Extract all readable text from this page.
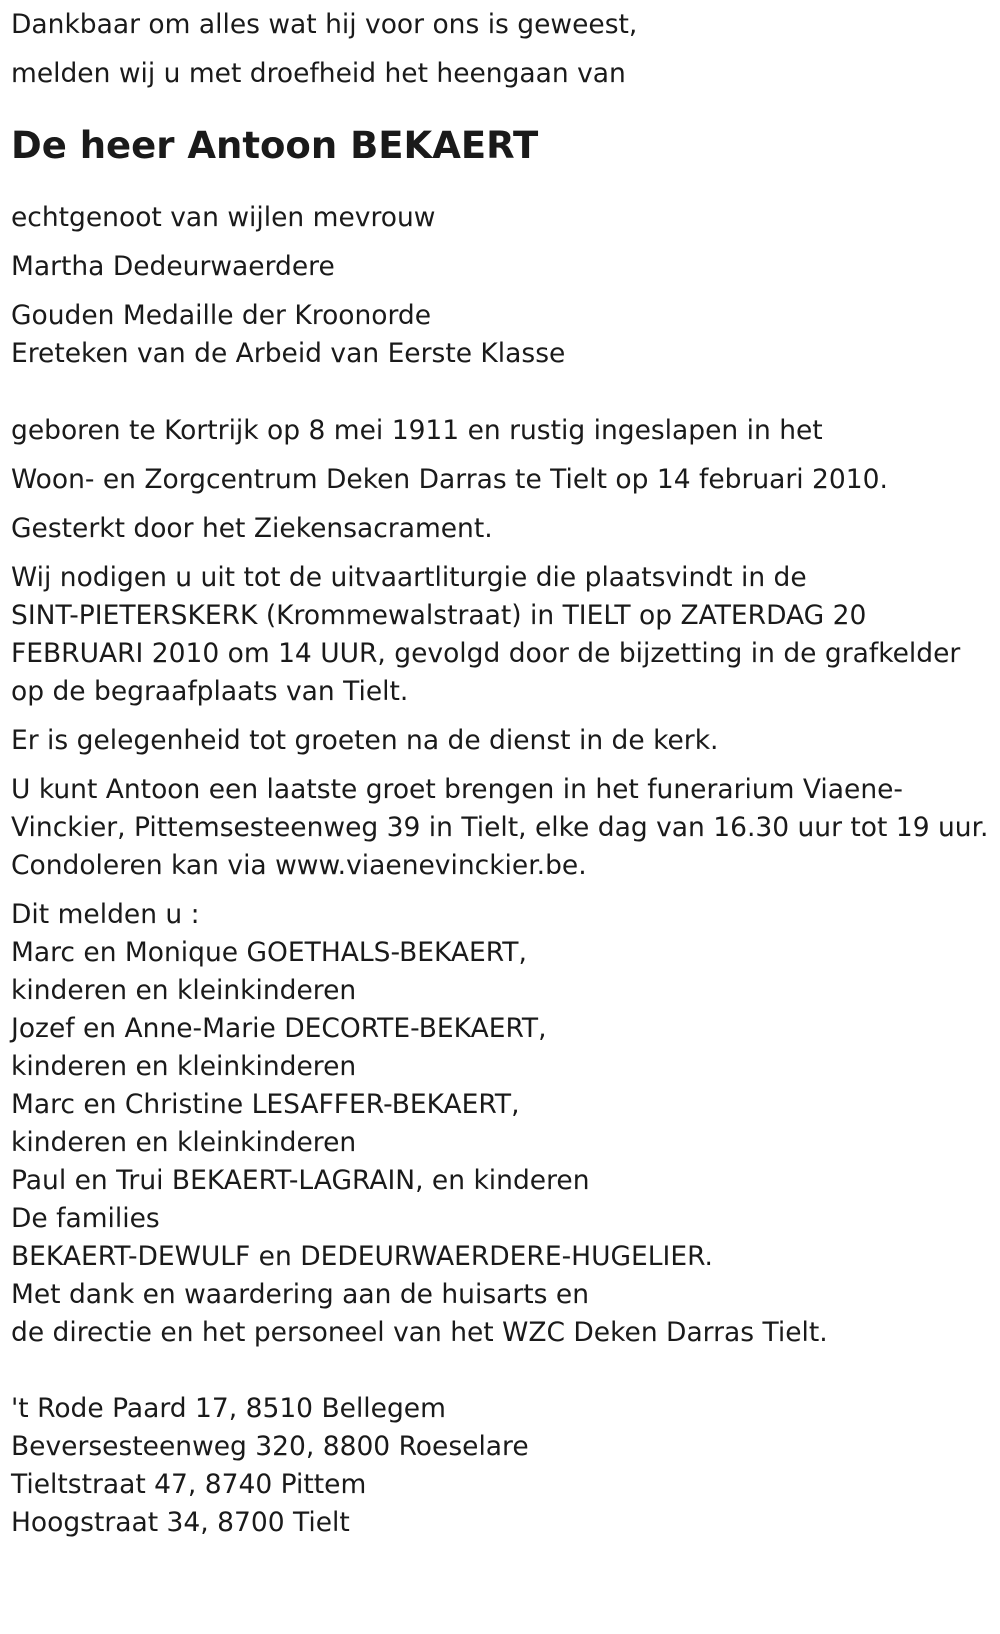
Dankbaar om alles wat hij voor ons is geweest,
melden wij u met droefheid het heengaan van
De heer Antoon BEKAERT
echtgenoot van wijlen mevrouw
Martha Dedeurwaerdere
Gouden Medaille der Kroonorde
Ereteken van de Arbeid van Eerste Klasse
geboren te Kortrijk op 8 mei 1911 en rustig ingeslapen in het
Woon- en Zorgcentrum Deken Darras te Tielt op 14 februari 2010.
Gesterkt door het Ziekensacrament.
Wij nodigen u uit tot de uitvaartliturgie die plaatsvindt in de
SINT-PIETERSKERK (Krommewalstraat) in TIELT op ZATERDAG 20
FEBRUARI 2010 om 14 UUR, gevolgd door de bijzetting in de grafkelder
op de begraafplaats van Tielt.
Er is gelegenheid tot groeten na de dienst in de kerk.
U kunt Antoon een laatste groet brengen in het funerarium Viaene-
Vinckier, Pittemsesteenweg 39 in Tielt, elke dag van 16.30 uur tot 19 uur.
Condoleren kan via www.viaenevinckier.be.
Dit melden u :
Marc en Monique GOETHALS-BEKAERT,
kinderen en kleinkinderen
Jozef en Anne-Marie DECORTE-BEKAERT,
kinderen en kleinkinderen
Marc en Christine LESAFFER-BEKAERT,
kinderen en kleinkinderen
Paul en Trui BEKAERT-LAGRAIN, en kinderen
De families
BEKAERT-DEWULF en DEDEURWAERDERE-HUGELIER.
Met dank en waardering aan de huisarts en
de directie en het personeel van het WZC Deken Darras Tielt.
't Rode Paard 17, 8510 Bellegem
Beversesteenweg 320, 8800 Roeselare
Tieltstraat 47, 8740 Pittem
Hoogstraat 34, 8700 Tielt
